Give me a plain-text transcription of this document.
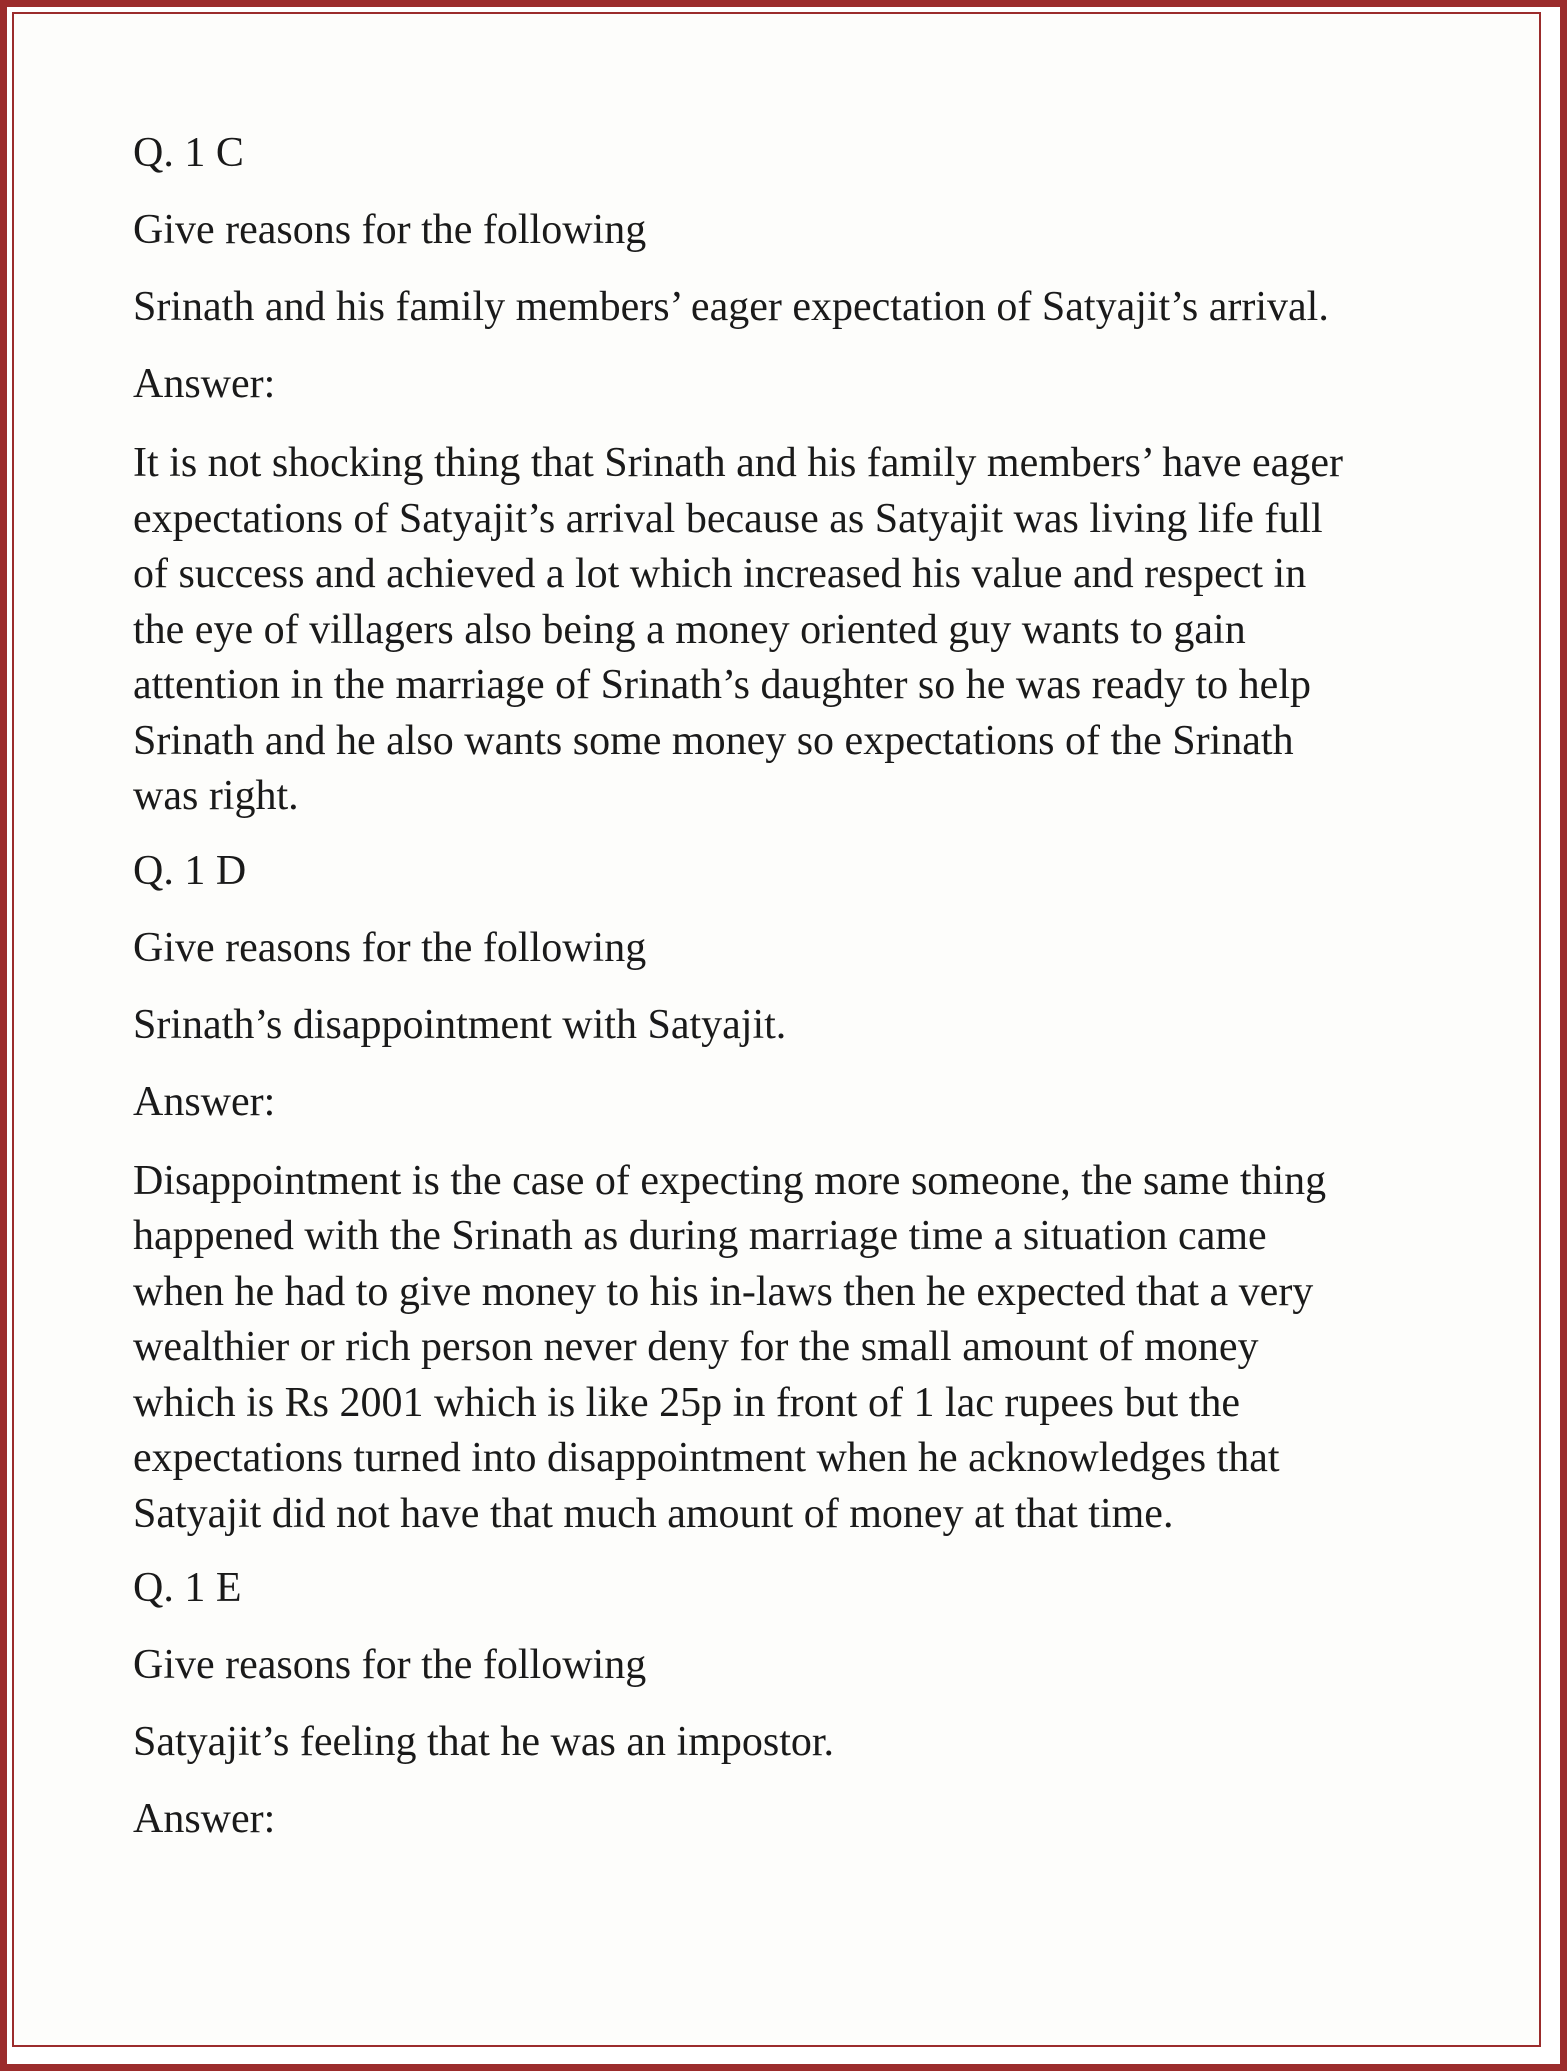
Q. 1 C
Give reasons for the following
Srinath and his family members’ eager expectation of Satyajit’s arrival.
Answer:
It is not shocking thing that Srinath and his family members’ have eager
expectations of Satyajit’s arrival because as Satyajit was living life full
of success and achieved a lot which increased his value and respect in
the eye of villagers also being a money oriented guy wants to gain
attention in the marriage of Srinath’s daughter so he was ready to help
Srinath and he also wants some money so expectations of the Srinath
was right.
Q. 1 D
Give reasons for the following
Srinath’s disappointment with Satyajit.
Answer:
Disappointment is the case of expecting more someone, the same thing
happened with the Srinath as during marriage time a situation came
when he had to give money to his in-laws then he expected that a very
wealthier or rich person never deny for the small amount of money
which is Rs 2001 which is like 25p in front of 1 lac rupees but the
expectations turned into disappointment when he acknowledges that
Satyajit did not have that much amount of money at that time.
Q. 1 E
Give reasons for the following
Satyajit’s feeling that he was an impostor.
Answer:
